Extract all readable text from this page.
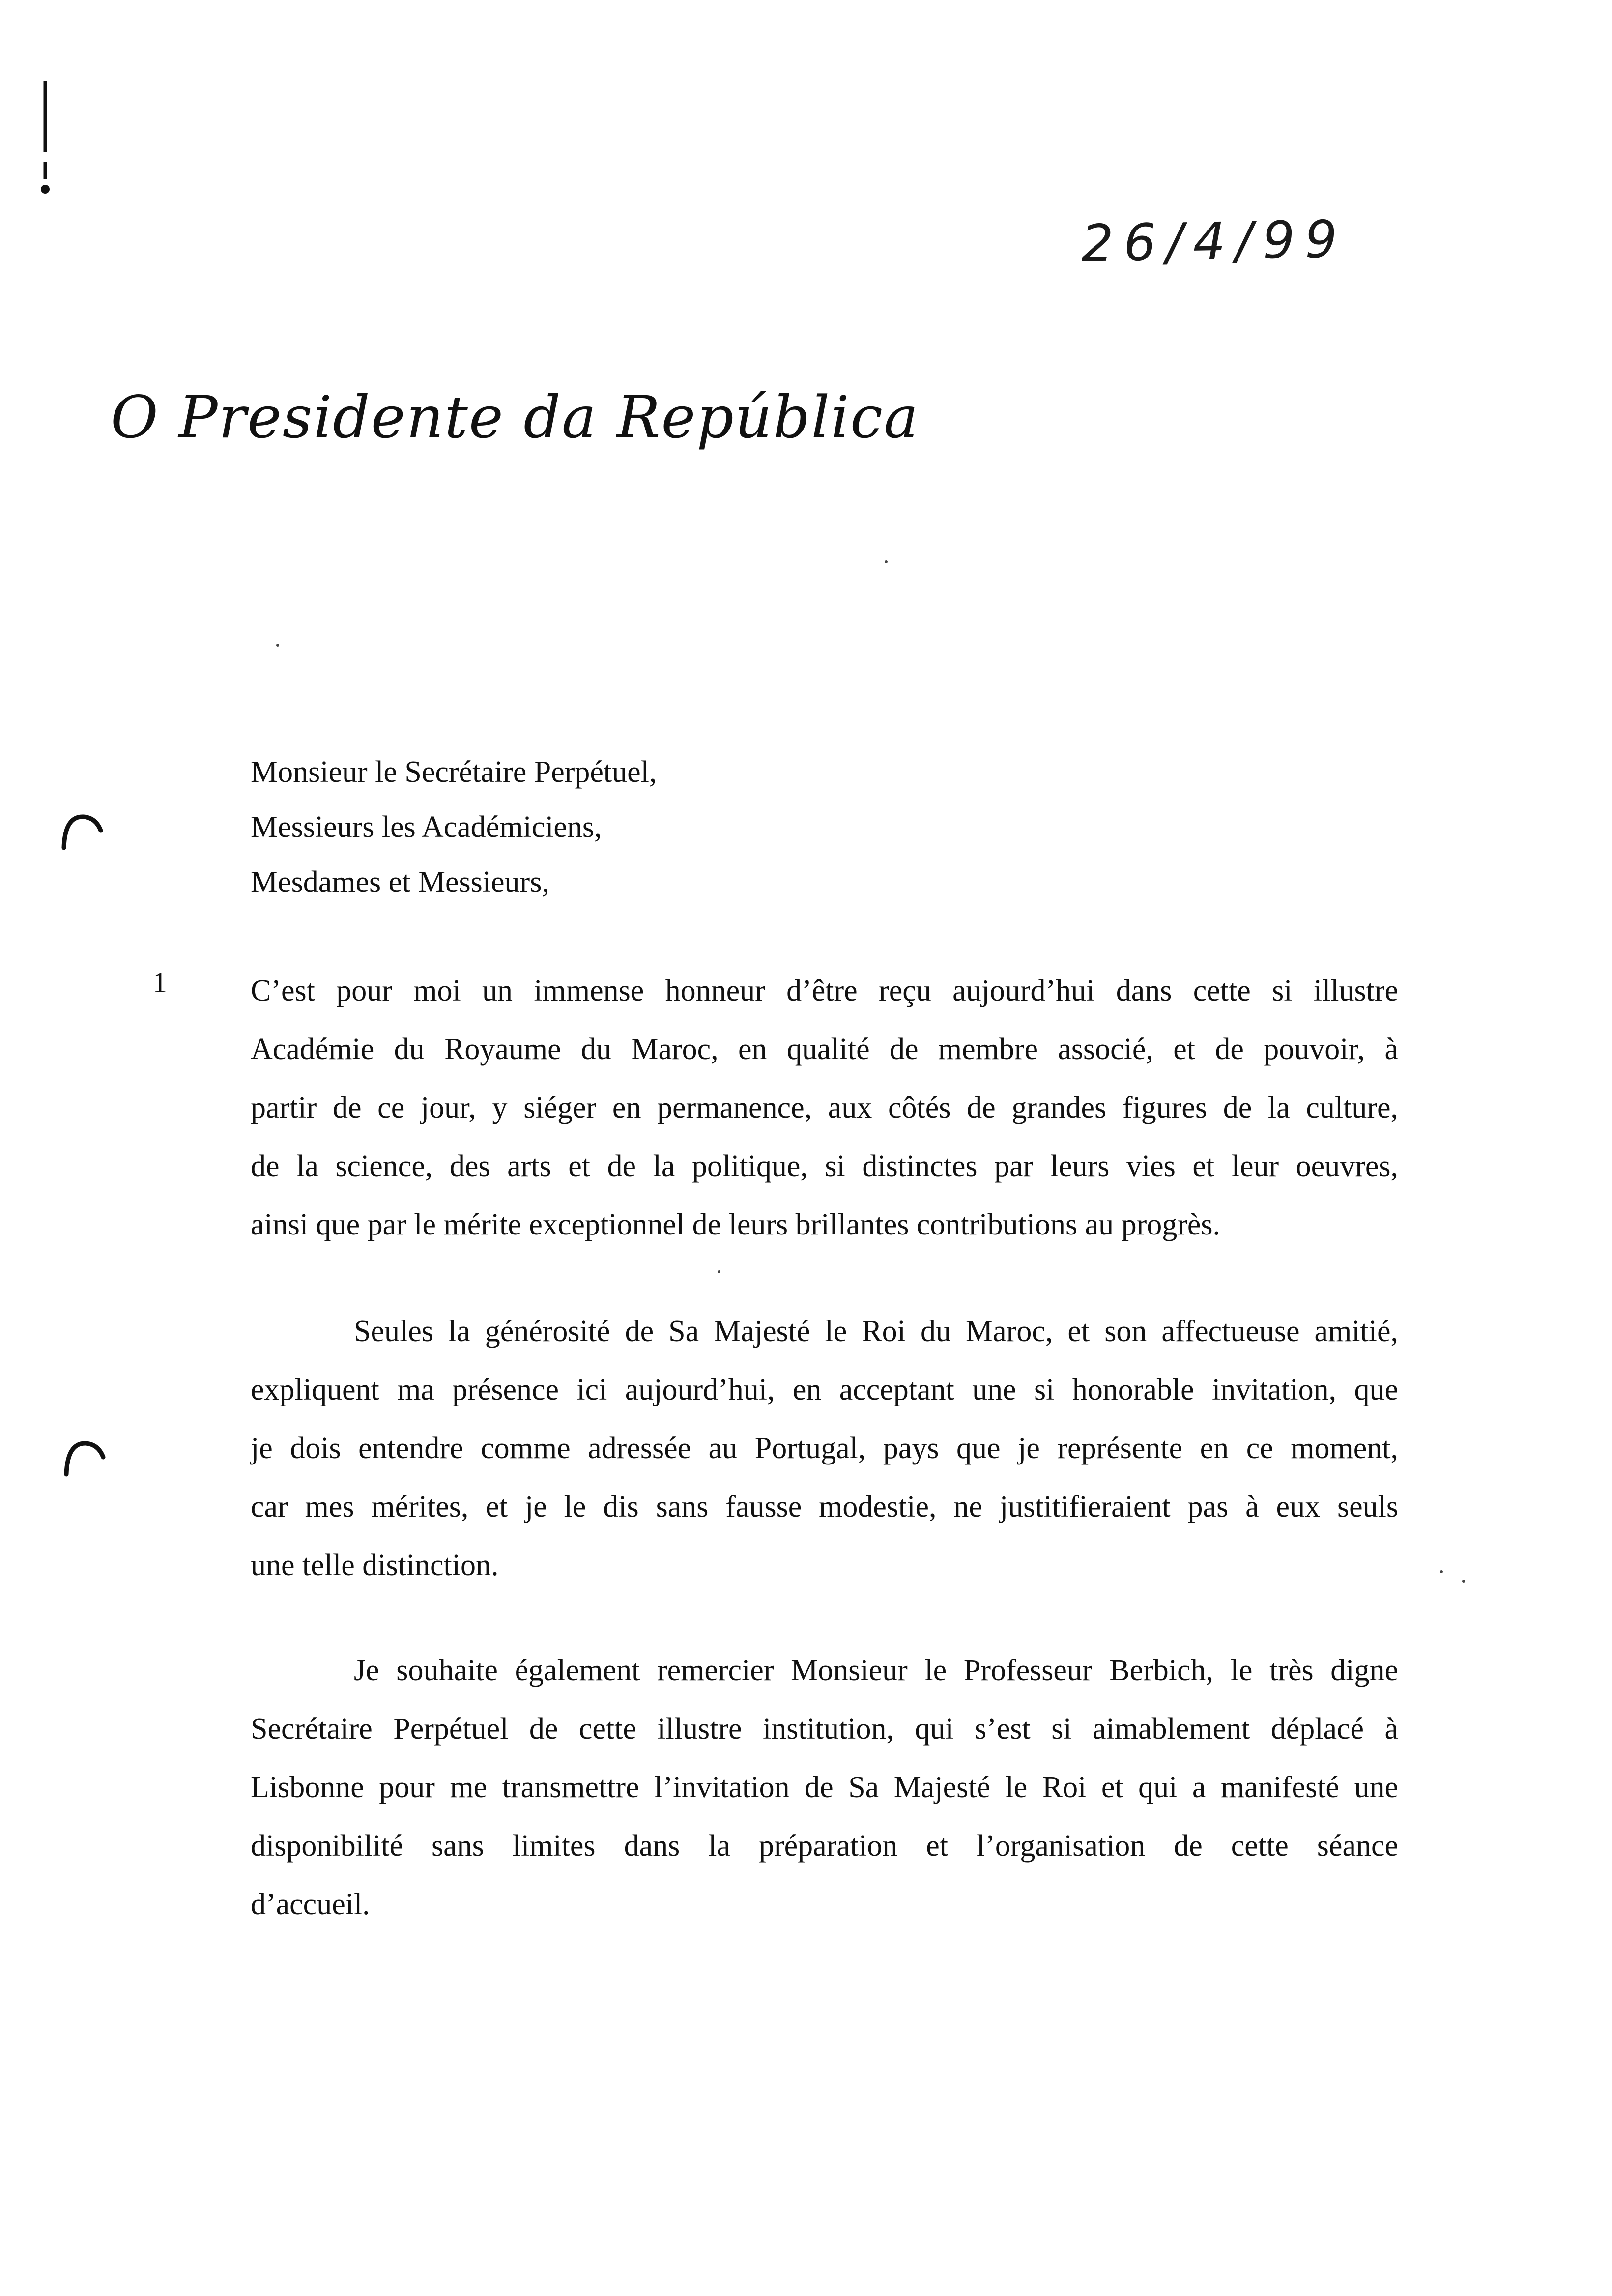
26/4/99
O Presidente da República
Monsieur le Secrétaire Perpétuel,
Messieurs les Académiciens,
Mesdames et Messieurs,
1	C’est pour moi un immense honneur d’être reçu aujourd’hui dans cette si illustre
Académie du Royaume du Maroc, en qualité de membre associé, et de pouvoir, à
partir de ce jour, y siéger en permanence, aux côtés de grandes figures de la culture,
de la science, des arts et de la politique, si distinctes par leurs vies et leur oeuvres,
ainsi que par le mérite exceptionnel de leurs brillantes contributions au progrès.
Seules la générosité de Sa Majesté le Roi du Maroc, et son affectueuse amitié,
expliquent ma présence ici aujourd’hui, en acceptant une si honorable invitation, que
je dois entendre comme adressée au Portugal, pays que je représente en ce moment,
car mes mérites, et je le dis sans fausse modestie, ne justitifieraient pas à eux seuls
une telle distinction.
Je souhaite également remercier Monsieur le Professeur Berbich, le très digne
Secrétaire Perpétuel de cette illustre institution, qui s’est si aimablement déplacé à
Lisbonne pour me transmettre l’invitation de Sa Majesté le Roi et qui a manifesté une
disponibilité sans limites dans la préparation et l’organisation de cette séance
d’accueil.
